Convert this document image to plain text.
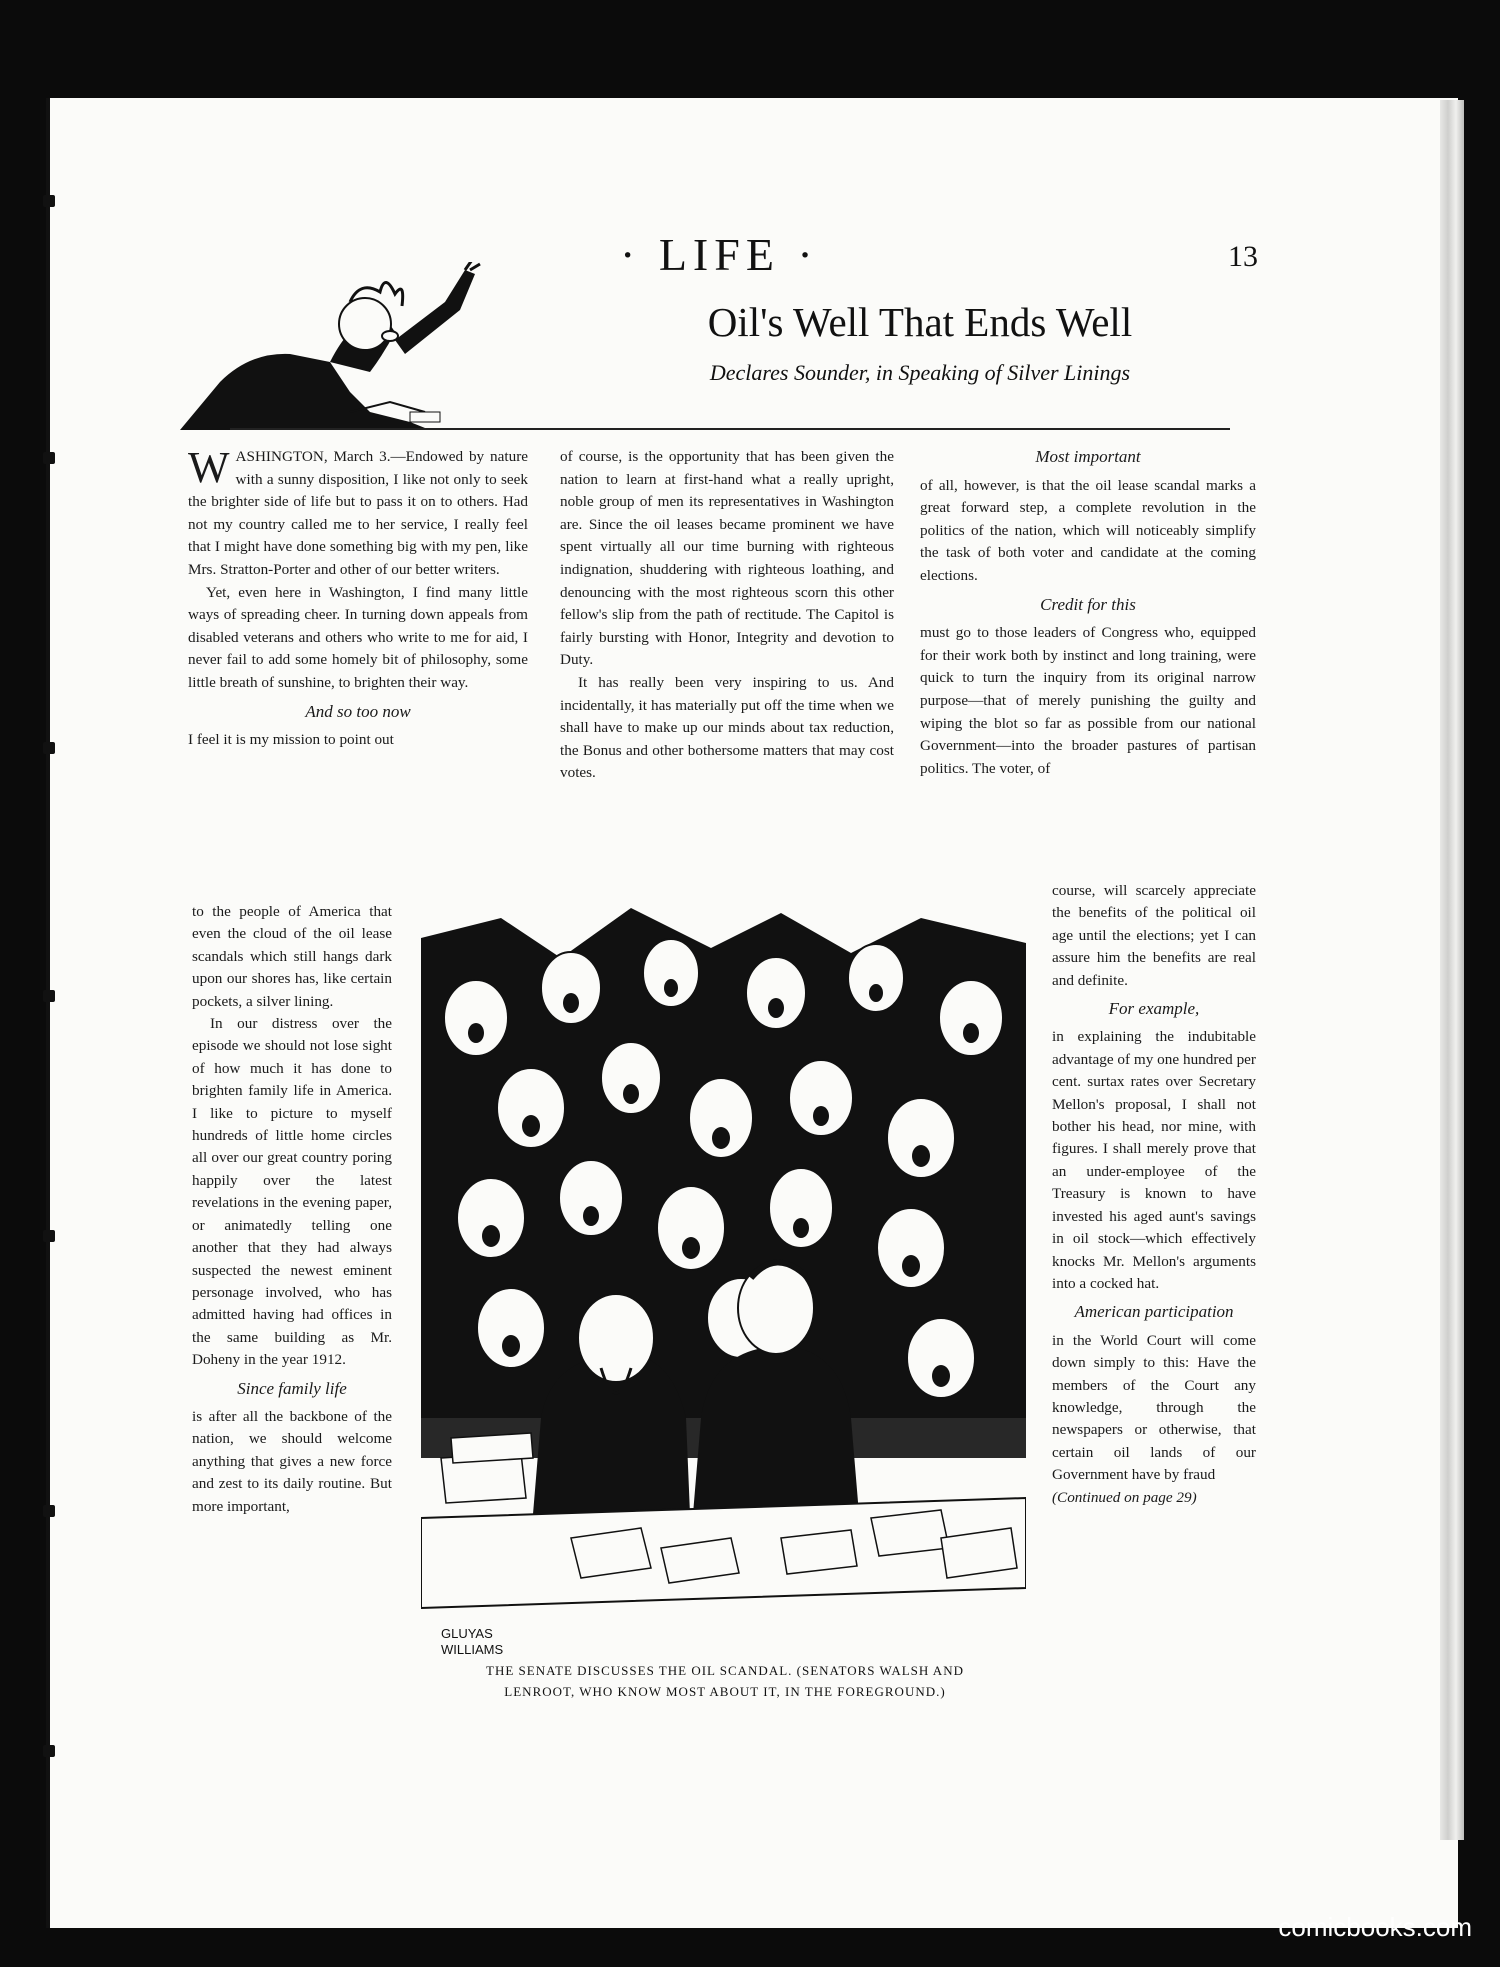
· LIFE ·	13
Oil's Well That Ends Well
Declares Sounder, in Speaking of Silver Linings

WASHINGTON, March 3.—Endowed by nature with a sunny disposition, I like not only to seek the brighter side of life but to pass it on to others. Had not my country called me to her service, I really feel that I might have done something big with my pen, like Mrs. Stratton-Porter and other of our better writers.

Yet, even here in Washington, I find many little ways of spreading cheer. In turning down appeals from disabled veterans and others who write to me for aid, I never fail to add some homely bit of philosophy, some little breath of sunshine, to brighten their way.

And so too now

I feel it is my mission to point out

to the people of America that even the cloud of the oil lease scandals which still hangs dark upon our shores has, like certain pockets, a silver lining.

In our distress over the episode we should not lose sight of how much it has done to brighten family life in America. I like to picture to myself hundreds of little home circles all over our great country poring happily over the latest revelations in the evening paper, or animatedly telling one another that they had always suspected the newest eminent personage involved, who has admitted having had offices in the same building as Mr. Doheny in the year 1912.

Since family life

is after all the backbone of the nation, we should welcome anything that gives a new force and zest to its daily routine. But more important,

of course, is the opportunity that has been given the nation to learn at first-hand what a really upright, noble group of men its representatives in Washington are. Since the oil leases became prominent we have spent virtually all our time burning with righteous indignation, shuddering with righteous loathing, and denouncing with the most righteous scorn this other fellow's slip from the path of rectitude. The Capitol is fairly bursting with Honor, Integrity and devotion to Duty.

It has really been very inspiring to us. And incidentally, it has materially put off the time when we shall have to make up our minds about tax reduction, the Bonus and other bothersome matters that may cost votes.

Most important

of all, however, is that the oil lease scandal marks a great forward step, a complete revolution in the politics of the nation, which will noticeably simplify the task of both voter and candidate at the coming elections.

Credit for this

must go to those leaders of Congress who, equipped for their work both by instinct and long training, were quick to turn the inquiry from its original narrow purpose—that of merely punishing the guilty and wiping the blot so far as possible from our national Government—into the broader pastures of partisan politics. The voter, of

course, will scarcely appreciate the benefits of the political oil age until the elections; yet I can assure him the benefits are real and definite.

For example,

in explaining the indubitable advantage of my one hundred per cent. surtax rates over Secretary Mellon's proposal, I shall not bother his head, nor mine, with figures. I shall merely prove that an under-employee of the Treasury is known to have invested his aged aunt's savings in oil stock—which effectively knocks Mr. Mellon's arguments into a cocked hat.

American participation

in the World Court will come down simply to this: Have the members of the Court any knowledge, through the newspapers or otherwise, that certain oil lands of our Government have by fraud

(Continued on page 29)

GLUYAS
WILLIAMS
THE SENATE DISCUSSES THE OIL SCANDAL. (SENATORS WALSH AND
LENROOT, WHO KNOW MOST ABOUT IT, IN THE FOREGROUND.)
comicbooks.com
